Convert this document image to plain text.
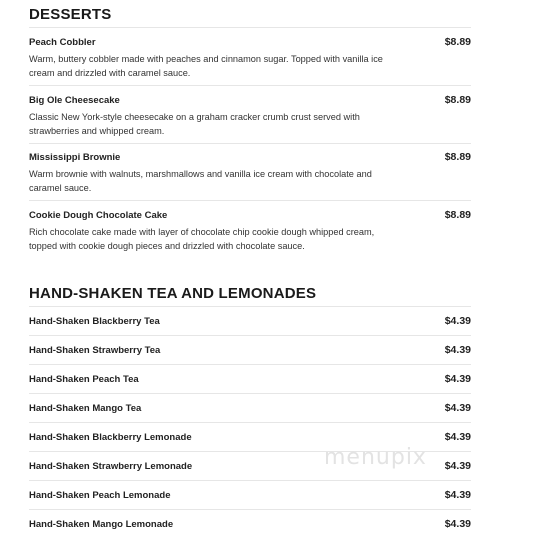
DESSERTS
Peach Cobbler	$8.89
Warm, buttery cobbler made with peaches and cinnamon sugar. Topped with vanilla ice cream and drizzled with caramel sauce.
Big Ole Cheesecake	$8.89
Classic New York-style cheesecake on a graham cracker crumb crust served with strawberries and whipped cream.
Mississippi Brownie	$8.89
Warm brownie with walnuts, marshmallows and vanilla ice cream with chocolate and caramel sauce.
Cookie Dough Chocolate Cake	$8.89
Rich chocolate cake made with layer of chocolate chip cookie dough whipped cream, topped with cookie dough pieces and drizzled with chocolate sauce.
HAND-SHAKEN TEA AND LEMONADES
Hand-Shaken Blackberry Tea	$4.39
Hand-Shaken Strawberry Tea	$4.39
Hand-Shaken Peach Tea	$4.39
Hand-Shaken Mango Tea	$4.39
Hand-Shaken Blackberry Lemonade	$4.39
Hand-Shaken Strawberry Lemonade	$4.39
Hand-Shaken Peach Lemonade	$4.39
Hand-Shaken Mango Lemonade	$4.39
menupix
